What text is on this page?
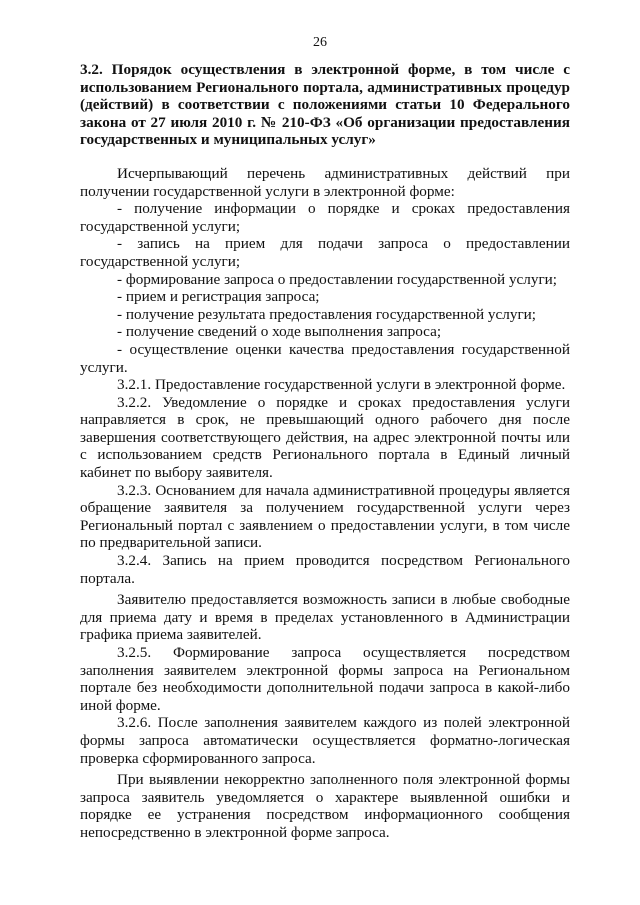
26
3.2. Порядок осуществления в электронной форме, в том числе с
использованием Регионального портала, административных процедур
(действий) в соответствии с положениями статьи 10 Федерального
закона от 27 июля 2010 г. № 210-ФЗ «Об организации предоставления
государственных и муниципальных услуг»

Исчерпывающий перечень административных действий при получении государственной услуги в электронной форме:

- получение информации о порядке и сроках предоставления государственной услуги;

- запись на прием для подачи запроса о предоставлении государственной услуги;

- формирование запроса о предоставлении государственной услуги;

- прием и регистрация запроса;

- получение результата предоставления государственной услуги;

- получение сведений о ходе выполнения запроса;

- осуществление оценки качества предоставления государственной услуги.

3.2.1. Предоставление государственной услуги в электронной форме.

3.2.2. Уведомление о порядке и сроках предоставления услуги направляется в срок, не превышающий одного рабочего дня после завершения соответствующего действия, на адрес электронной почты или с использованием средств Регионального портала в Единый личный кабинет по выбору заявителя.

3.2.3. Основанием для начала административной процедуры является обращение заявителя за получением государственной услуги через Региональный портал с заявлением о предоставлении услуги, в том числе по предварительной записи.

3.2.4. Запись на прием проводится посредством Регионального портала.

Заявителю предоставляется возможность записи в любые свободные для приема дату и время в пределах установленного в Администрации графика приема заявителей.

3.2.5. Формирование запроса осуществляется посредством заполнения заявителем электронной формы запроса на Региональном портале без необходимости дополнительной подачи запроса в какой-либо иной форме.

3.2.6. После заполнения заявителем каждого из полей электронной формы запроса автоматически осуществляется форматно-логическая проверка сформированного запроса.

При выявлении некорректно заполненного поля электронной формы запроса заявитель уведомляется о характере выявленной ошибки и порядке ее устранения посредством информационного сообщения непосредственно в электронной форме запроса.
